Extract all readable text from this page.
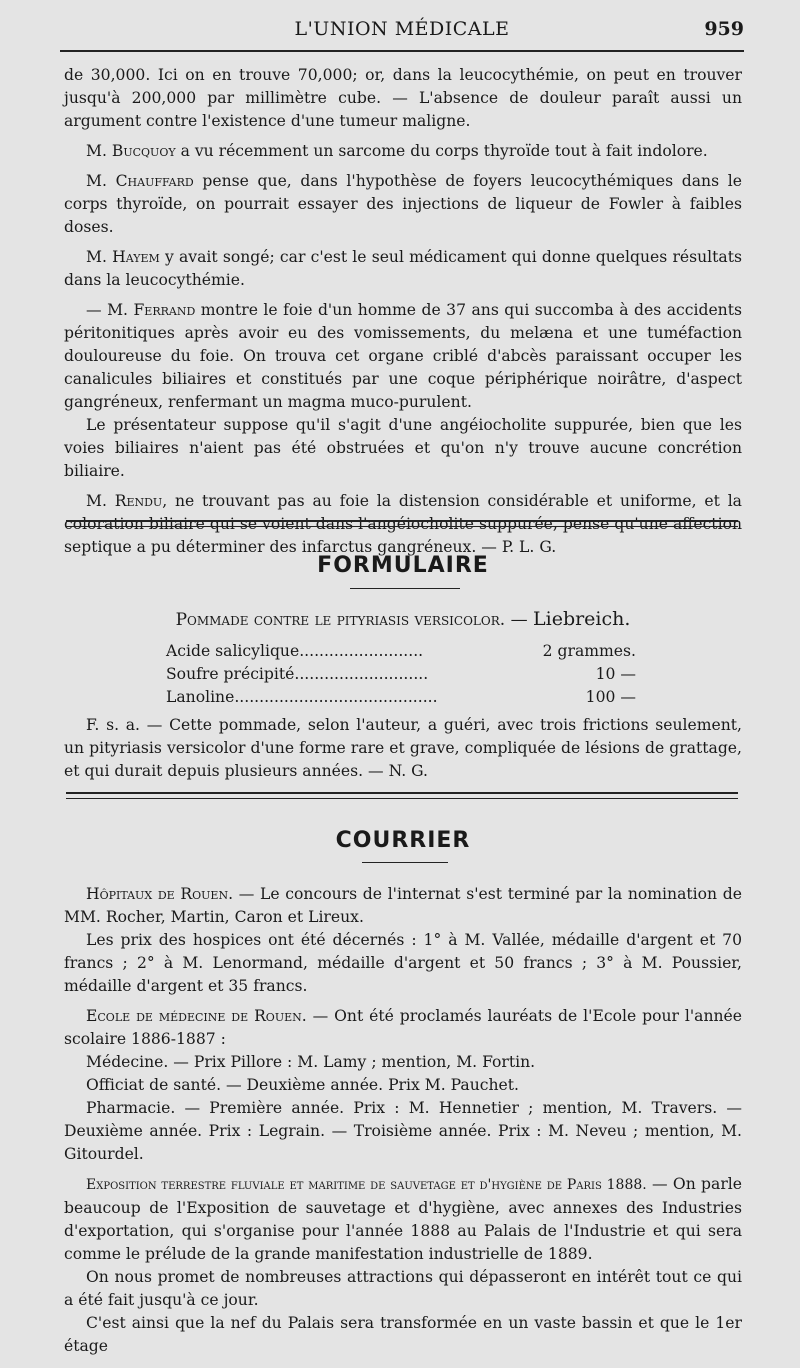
L'UNION MÉDICALE	959

de 30,000. Ici on en trouve 70,000; or, dans la leucocythémie, on peut en trouver jusqu'à 200,000 par millimètre cube. — L'absence de douleur paraît aussi un argument contre l'existence d'une tumeur maligne.

M. Bucquoy a vu récemment un sarcome du corps thyroïde tout à fait indolore.

M. Chauffard pense que, dans l'hypothèse de foyers leucocythémiques dans le corps thyroïde, on pourrait essayer des injections de liqueur de Fowler à faibles doses.

M. Hayem y avait songé; car c'est le seul médicament qui donne quelques résultats dans la leucocythémie.

— M. Ferrand montre le foie d'un homme de 37 ans qui succomba à des accidents péritonitiques après avoir eu des vomissements, du melæna et une tuméfaction douloureuse du foie. On trouva cet organe criblé d'abcès paraissant occuper les canalicules biliaires et constitués par une coque périphérique noirâtre, d'aspect gangréneux, renfermant un magma muco-purulent.

Le présentateur suppose qu'il s'agit d'une angéiocholite suppurée, bien que les voies biliaires n'aient pas été obstruées et qu'on n'y trouve aucune concrétion biliaire.

M. Rendu, ne trouvant pas au foie la distension considérable et uniforme, et la coloration biliaire qui se voient dans l'angéiocholite suppurée, pense qu'une affection septique a pu déterminer des infarctus gangréneux. — P. L. G.

FORMULAIRE
Pommade contre le pityriasis versicolor. — Liebreich.
Acide salicylique.........................	2 grammes.
Soufre précipité...........................	10 —
Lanoline.........................................	100 —

F. s. a. — Cette pommade, selon l'auteur, a guéri, avec trois frictions seulement, un pityriasis versicolor d'une forme rare et grave, compliquée de lésions de grattage, et qui durait depuis plusieurs années. — N. G.

COURRIER

Hôpitaux de Rouen. — Le concours de l'internat s'est terminé par la nomination de MM. Rocher, Martin, Caron et Lireux.

Les prix des hospices ont été décernés : 1° à M. Vallée, médaille d'argent et 70 francs ; 2° à M. Lenormand, médaille d'argent et 50 francs ; 3° à M. Poussier, médaille d'argent et 35 francs.

Ecole de médecine de Rouen. — Ont été proclamés lauréats de l'Ecole pour l'année scolaire 1886-1887 :

Médecine. — Prix Pillore : M. Lamy ; mention, M. Fortin.

Officiat de santé. — Deuxième année. Prix M. Pauchet.

Pharmacie. — Première année. Prix : M. Hennetier ; mention, M. Travers. — Deuxième année. Prix : Legrain. — Troisième année. Prix : M. Neveu ; mention, M. Gitourdel.

Exposition terrestre fluviale et maritime de sauvetage et d'hygiène de Paris 1888. — On parle beaucoup de l'Exposition de sauvetage et d'hygiène, avec annexes des Industries d'exportation, qui s'organise pour l'année 1888 au Palais de l'Industrie et qui sera comme le prélude de la grande manifestation industrielle de 1889.

On nous promet de nombreuses attractions qui dépasseront en intérêt tout ce qui a été fait jusqu'à ce jour.

C'est ainsi que la nef du Palais sera transformée en un vaste bassin et que le 1er étage
